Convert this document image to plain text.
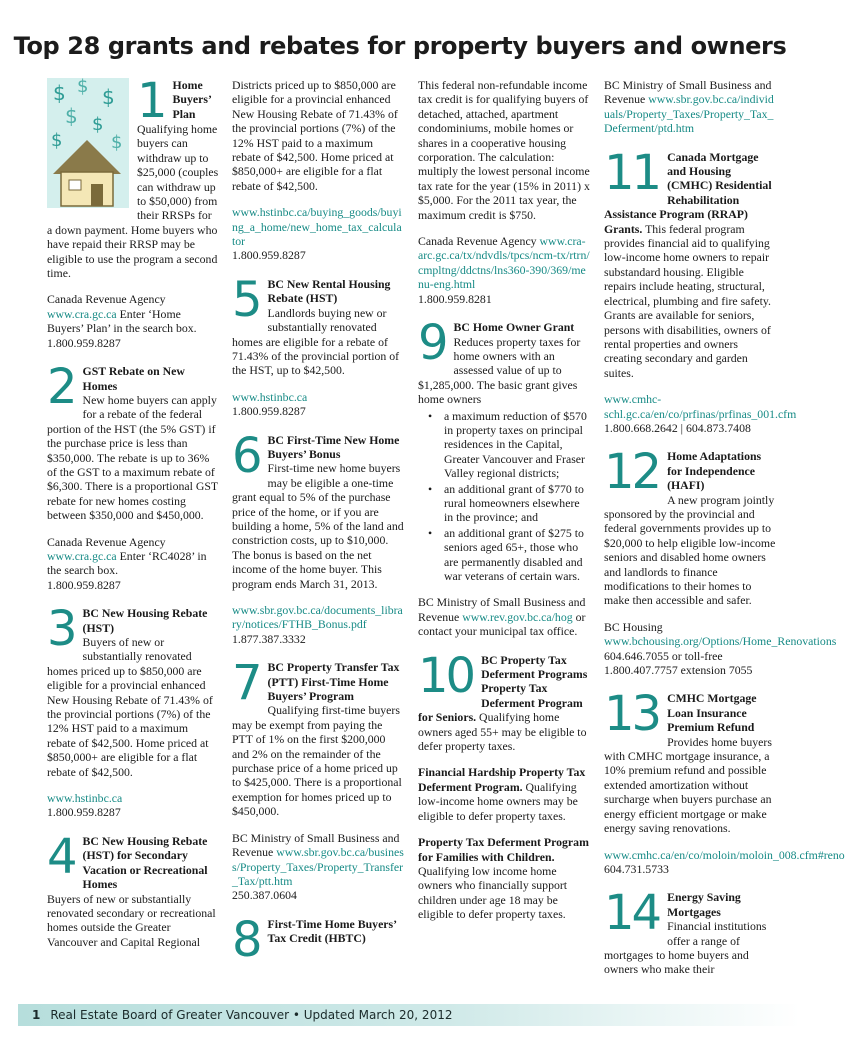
Top 28 grants and rebates for property buyers and owners
$ $ $
$ $
$	$
1 Home Buyers’ Plan
Qualifying home buyers can withdraw up to $25,000 (couples can withdraw up to $50,000) from their RRSPs for a down payment. Home buyers who have repaid their RRSP may be eligible to use the program a second time.

Canada Revenue Agency www.cra.gc.ca Enter ‘Home Buyers’ Plan’ in the search box.
1.800.959.8287

2 GST Rebate on New Homes
New home buyers can apply for a rebate of the federal portion of the HST (the 5% GST) if the purchase price is less than $350,000. The rebate is up to 36% of the GST to a maximum rebate of $6,300. There is a proportional GST rebate for new homes costing between $350,000 and $450,000.

Canada Revenue Agency www.cra.gc.ca Enter ‘RC4028’ in the search box.
1.800.959.8287

3 BC New Housing Rebate (HST)
Buyers of new or substantially renovated homes priced up to $850,000 are eligible for a provincial enhanced New Housing Rebate of 71.43% of the provincial portions (7%) of the 12% HST paid to a maximum rebate of $42,500. Home priced at $850,000+ are eligible for a flat rebate of $42,500.

www.hstinbc.ca
1.800.959.8287

4 BC New Housing Rebate (HST) for Secondary Vacation or Recreational Homes
Buyers of new or substantially renovated secondary or recreational homes outside the Greater Vancouver and Capital Regional
Districts priced up to $850,000 are eligible for a provincial enhanced New Housing Rebate of 71.43% of the provincial portions (7%) of the 12% HST paid to a maximum rebate of $42,500. Home priced at $850,000+ are eligible for a flat rebate of $42,500.

www.hstinbc.ca/buying_goods/buying_a_home/new_home_tax_calculator
1.800.959.8287

5 BC New Rental Housing Rebate (HST)
Landlords buying new or substantially renovated homes are eligible for a rebate of 71.43% of the provincial portion of the HST, up to $42,500.

www.hstinbc.ca
1.800.959.8287

6 BC First-Time New Home Buyers’ Bonus
First-time new home buyers may be eligible a one-time grant equal to 5% of the purchase price of the home, or if you are building a home, 5% of the land and constriction costs, up to $10,000. The bonus is based on the net income of the home buyer. This program ends March 31, 2013.

www.sbr.gov.bc.ca/documents_library/notices/FTHB_Bonus.pdf
1.877.387.3332

7 BC Property Transfer Tax (PTT) First-Time Home Buyers’ Program
Qualifying first-time buyers may be exempt from paying the PTT of 1% on the first $200,000 and 2% on the remainder of the purchase price of a home priced up to $425,000. There is a proportional exemption for homes priced up to $450,000.

BC Ministry of Small Business and Revenue www.sbr.gov.bc.ca/business/Property_Taxes/Property_Transfer_Tax/ptt.htm
250.387.0604

8 First-Time Home Buyers’ Tax Credit (HBTC)
This federal non-refundable income tax credit is for qualifying buyers of detached, attached, apartment condominiums, mobile homes or shares in a cooperative housing corporation. The calculation: multiply the lowest personal income tax rate for the year (15% in 2011) x $5,000. For the 2011 tax year, the maximum credit is $750.

Canada Revenue Agency www.cra-arc.gc.ca/tx/ndvdls/tpcs/ncm-tx/rtrn/cmpltng/ddctns/lns360-390/369/menu-eng.html
1.800.959.8281

9 BC Home Owner Grant
Reduces property taxes for home owners with an assessed value of up to $1,285,000. The basic grant gives home owners
• a maximum reduction of $570 in property taxes on principal residences in the Capital, Greater Vancouver and Fraser Valley regional districts;
• an additional grant of $770 to rural homeowners elsewhere in the province; and
• an additional grant of $275 to seniors aged 65+, those who are permanently disabled and war veterans of certain wars.

BC Ministry of Small Business and Revenue www.rev.gov.bc.ca/hog or contact your municipal tax office.

10 BC Property Tax Deferment Programs

Property Tax Deferment Program for Seniors. Qualifying home owners aged 55+ may be eligible to defer property taxes.

Financial Hardship Property Tax Deferment Program. Qualifying low-income home owners may be eligible to defer property taxes.

Property Tax Deferment Program for Families with Children. Qualifying low income home owners who financially support children under age 18 may be eligible to defer property taxes.

BC Ministry of Small Business and Revenue www.sbr.gov.bc.ca/individuals/Property_Taxes/Property_Tax_Deferment/ptd.htm

11 Canada Mortgage and Housing (CMHC) Residential Rehabilitation Assistance Program (RRAP) Grants. This federal program provides financial aid to qualifying low-income home owners to repair substandard housing. Eligible repairs include heating, structural, electrical, plumbing and fire safety. Grants are available for seniors, persons with disabilities, owners of rental properties and owners creating secondary and garden suites.

www.cmhc-schl.gc.ca/en/co/prfinas/prfinas_001.cfm
1.800.668.2642 | 604.873.7408

12 Home Adaptations for Independence (HAFI)
A new program jointly sponsored by the provincial and federal governments provides up to $20,000 to help eligible low-income seniors and disabled home owners and landlords to finance modifications to their homes to make then accessible and safer.

BC Housing www.bchousing.org/Options/Home_Renovations
604.646.7055 or toll-free
1.800.407.7757 extension 7055

13 CMHC Mortgage Loan Insurance Premium Refund
Provides home buyers with CMHC mortgage insurance, a 10% premium refund and possible extended amortization without surcharge when buyers purchase an energy efficient mortgage or make energy saving renovations.

www.cmhc.ca/en/co/moloin/moloin_008.cfm#reno
604.731.5733

14 Energy Saving Mortgages
Financial institutions offer a range of mortgages to home buyers and owners who make their
1 Real Estate Board of Greater Vancouver • Updated March 20, 2012
